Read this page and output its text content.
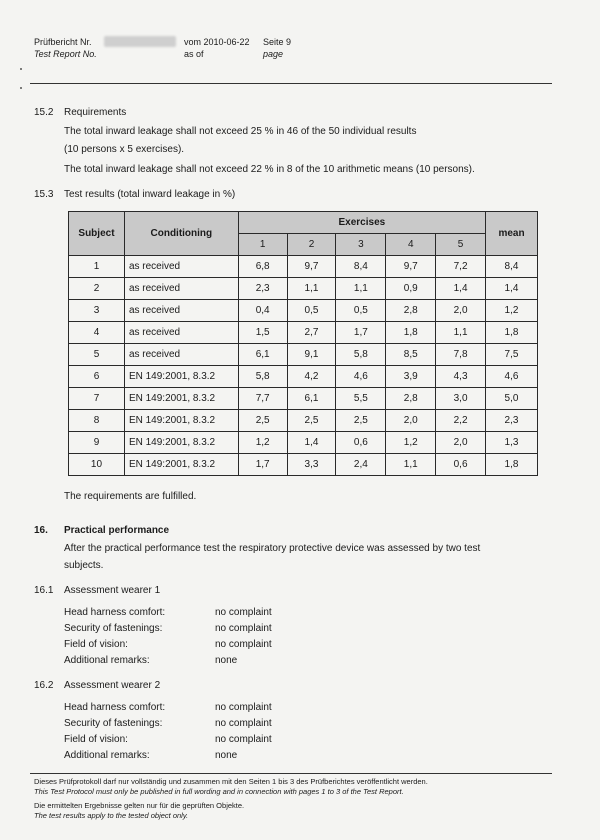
Prüfbericht Nr.
Test Report No.
vom 2010-06-22
as of
Seite 9
page
15.2 Requirements
The total inward leakage shall not exceed 25 % in 46 of the 50 individual results
(10 persons x 5 exercises).
The total inward leakage shall not exceed 22 % in 8 of the 10 arithmetic means (10 persons).
15.3 Test results (total inward leakage in %)
Subject	Conditioning	Exercises					mean
		1	2	3	4	5	
1	as received	6,8	9,7	8,4	9,7	7,2	8,4
2	as received	2,3	1,1	1,1	0,9	1,4	1,4
3	as received	0,4	0,5	0,5	2,8	2,0	1,2
4	as received	1,5	2,7	1,7	1,8	1,1	1,8
5	as received	6,1	9,1	5,8	8,5	7,8	7,5
6	EN 149:2001, 8.3.2	5,8	4,2	4,6	3,9	4,3	4,6
7	EN 149:2001, 8.3.2	7,7	6,1	5,5	2,8	3,0	5,0
8	EN 149:2001, 8.3.2	2,5	2,5	2,5	2,0	2,2	2,3
9	EN 149:2001, 8.3.2	1,2	1,4	0,6	1,2	2,0	1,3
10	EN 149:2001, 8.3.2	1,7	3,3	2,4	1,1	0,6	1,8
The requirements are fulfilled.
16. Practical performance
After the practical performance test the respiratory protective device was assessed by two test
subjects.
16.1 Assessment wearer 1
Head harness comfort:	no complaint
Security of fastenings:	no complaint
Field of vision:	no complaint
Additional remarks:	none
16.2 Assessment wearer 2
Head harness comfort:	no complaint
Security of fastenings:	no complaint
Field of vision:	no complaint
Additional remarks:	none
Dieses Prüfprotokoll darf nur vollständig und zusammen mit den Seiten 1 bis 3 des Prüfberichtes veröffentlicht werden.
This Test Protocol must only be published in full wording and in connection with pages 1 to 3 of the Test Report.
Die ermittelten Ergebnisse gelten nur für die geprüften Objekte.
The test results apply to the tested object only.
